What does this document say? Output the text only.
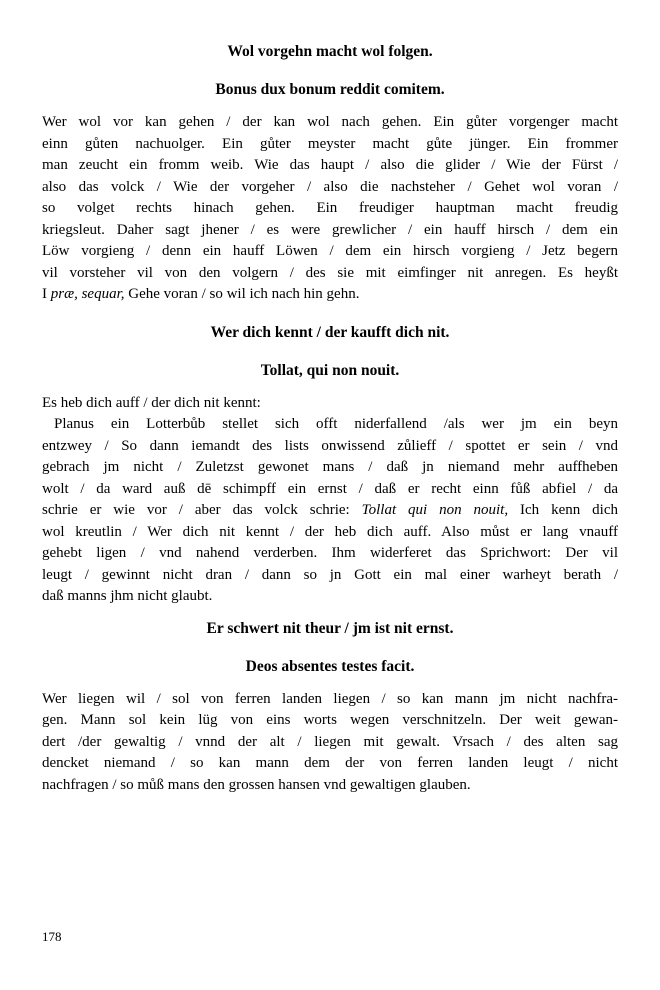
Wol vorgehn macht wol folgen.
Bonus dux bonum reddit comitem.
Wer wol vor kan gehen / der kan wol nach gehen. Ein gůter vorgenger macht
einn gůten nachuolger. Ein gůter meyster macht gůte jünger. Ein frommer
man zeucht ein fromm weib. Wie das haupt / also die glider / Wie der Fürst /
also das volck / Wie der vorgeher / also die nachsteher / Gehet wol voran /
so volget rechts hinach gehen. Ein freudiger hauptman macht freudig
kriegsleut. Daher sagt jhener / es were grewlicher / ein hauff hirsch / dem ein
Löw vorgieng / denn ein hauff Löwen / dem ein hirsch vorgieng / Jetz begern
vil vorsteher vil von den volgern / des sie mit eimfinger nit anregen. Es heyßt
I præ, sequar, Gehe voran / so wil ich nach hin gehn.
Wer dich kennt / der kaufft dich nit.
Tollat, qui non nouit.
Es heb dich auff / der dich nit kennt:
Planus ein Lotterbůb stellet sich offt niderfallend /als wer jm ein beyn
entzwey / So dann iemandt des lists onwissend zůlieff / spottet er sein / vnd
gebrach jm nicht / Zuletzst gewonet mans / daß jn niemand mehr auffheben
wolt / da ward auß dē schimpff ein ernst / daß er recht einn fůß abfiel / da
schrie er wie vor / aber das volck schrie: Tollat qui non nouit, Ich kenn dich
wol kreutlin / Wer dich nit kennt / der heb dich auff. Also můst er lang vnauff
gehebt ligen / vnd nahend verderben. Ihm widerferet das Sprichwort: Der vil
leugt / gewinnt nicht dran / dann so jn Gott ein mal einer warheyt berath /
daß manns jhm nicht glaubt.
Er schwert nit theur / jm ist nit ernst.
Deos absentes testes facit.
Wer liegen wil / sol von ferren landen liegen / so kan mann jm nicht nachfra-
gen. Mann sol kein lüg von eins worts wegen verschnitzeln. Der weit gewan-
dert /der gewaltig / vnnd der alt / liegen mit gewalt. Vrsach / des alten sag
dencket niemand / so kan mann dem der von ferren landen leugt / nicht
nachfragen / so můß mans den grossen hansen vnd gewaltigen glauben.
178
